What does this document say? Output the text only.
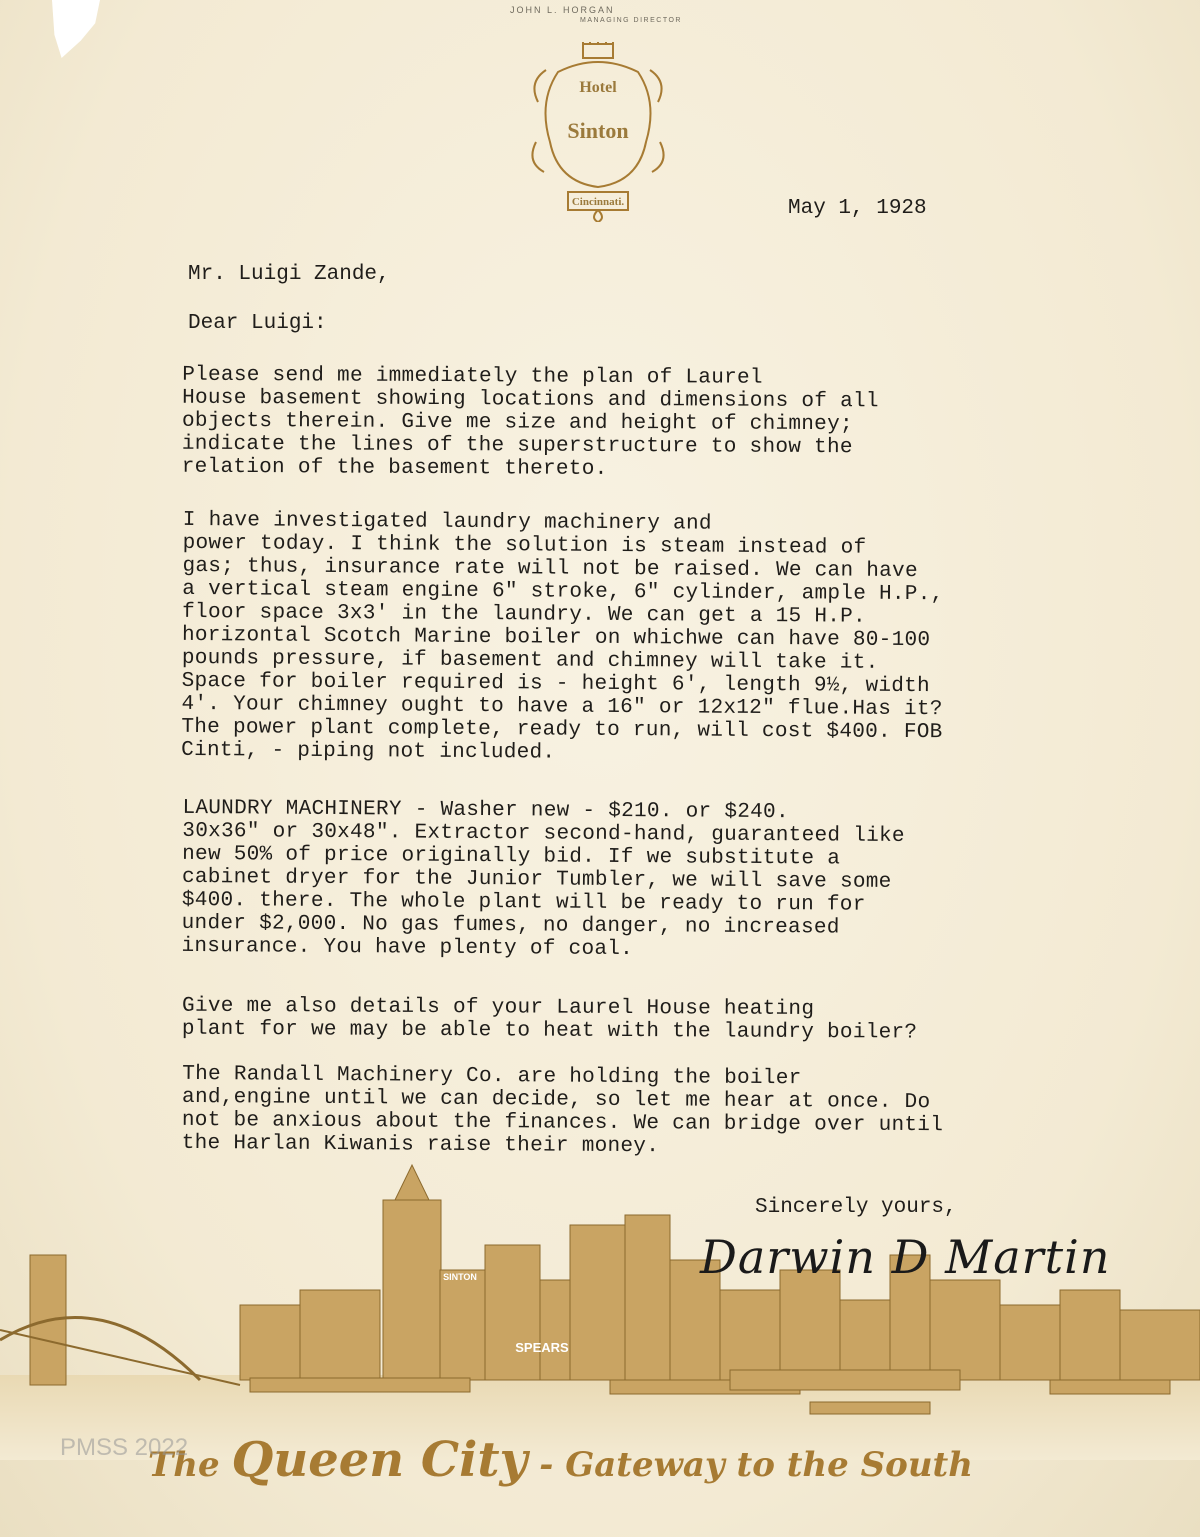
JOHN L. HORGAN
MANAGING DIRECTOR
Hotel
Sinton
Cincinnati.	May 1, 1928
Mr. Luigi Zande,
Dear Luigi:
Please send me immediately the plan of Laurel
House basement showing locations and dimensions of all
objects therein. Give me size and height of chimney;
indicate the lines of the superstructure to show the
relation of the basement thereto.
I have investigated laundry machinery and
power today. I think the solution is steam instead of
gas; thus, insurance rate will not be raised. We can have
a vertical steam engine 6" stroke, 6" cylinder, ample H.P.,
floor space 3x3' in the laundry. We can get a 15 H.P.
horizontal Scotch Marine boiler on whichwe can have 80-100
pounds pressure, if basement and chimney will take it.
Space for boiler required is - height 6', length 9½, width
4'. Your chimney ought to have a 16" or 12x12" flue.Has it?
The power plant complete, ready to run, will cost $400. FOB
Cinti, - piping not included.
LAUNDRY MACHINERY - Washer new - $210. or $240.
30x36" or 30x48". Extractor second-hand, guaranteed like
new 50% of price originally bid. If we substitute a
cabinet dryer for the Junior Tumbler, we will save some
$400. there. The whole plant will be ready to run for
under $2,000. No gas fumes, no danger, no increased
insurance. You have plenty of coal.
Give me also details of your Laurel House heating
plant for we may be able to heat with the laundry boiler?
The Randall Machinery Co. are holding the boiler
and,engine until we can decide, so let me hear at once. Do
not be anxious about the finances. We can bridge over until
the Harlan Kiwanis raise their money.
Sincerely yours,
Darwin D Martin
SINTON
SPEARS
The Queen City - Gateway to the South
PMSS 2022
